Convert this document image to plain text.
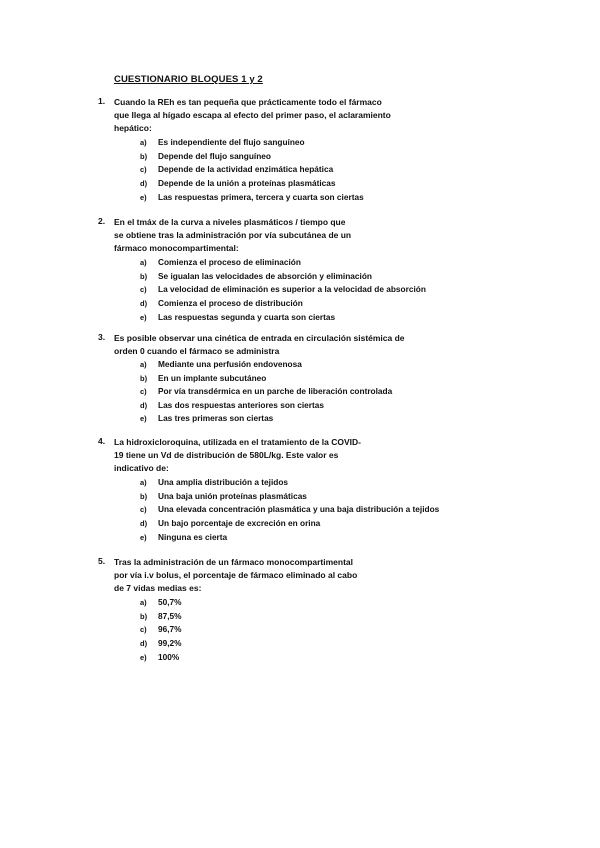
CUESTIONARIO BLOQUES 1 y 2
1. Cuando la REh es tan pequeña que prácticamente todo el fármaco
que llega al hígado escapa al efecto del primer paso, el aclaramiento
hepático:
a) Es independiente del flujo sanguíneo
b) Depende del flujo sanguíneo
c) Depende de la actividad enzimática hepática
d) Depende de la unión a proteínas plasmáticas
e) Las respuestas primera, tercera y cuarta son ciertas
2. En el tmáx de la curva a niveles plasmáticos / tiempo que
se obtiene tras la administración por vía subcutánea de un
fármaco monocompartimental:
a) Comienza el proceso de eliminación
b) Se igualan las velocidades de absorción y eliminación
c) La velocidad de eliminación es superior a la velocidad de absorción
d) Comienza el proceso de distribución
e) Las respuestas segunda y cuarta son ciertas
3. Es posible observar una cinética de entrada en circulación sistémica de
orden 0 cuando el fármaco se administra
a) Mediante una perfusión endovenosa
b) En un implante subcutáneo
c) Por vía transdérmica en un parche de liberación controlada
d) Las dos respuestas anteriores son ciertas
e) Las tres primeras son ciertas
4. La hidroxicloroquina, utilizada en el tratamiento de la COVID-
19 tiene un Vd de distribución de 580L/kg. Este valor es
indicativo de:
a) Una amplia distribución a tejidos
b) Una baja unión proteínas plasmáticas
c) Una elevada concentración plasmática y una baja distribución a tejidos
d) Un bajo porcentaje de excreción en orina
e) Ninguna es cierta
5. Tras la administración de un fármaco monocompartimental
por vía i.v bolus, el porcentaje de fármaco eliminado al cabo
de 7 vidas medias es:
a) 50,7%
b) 87,5%
c) 96,7%
d) 99,2%
e) 100%
